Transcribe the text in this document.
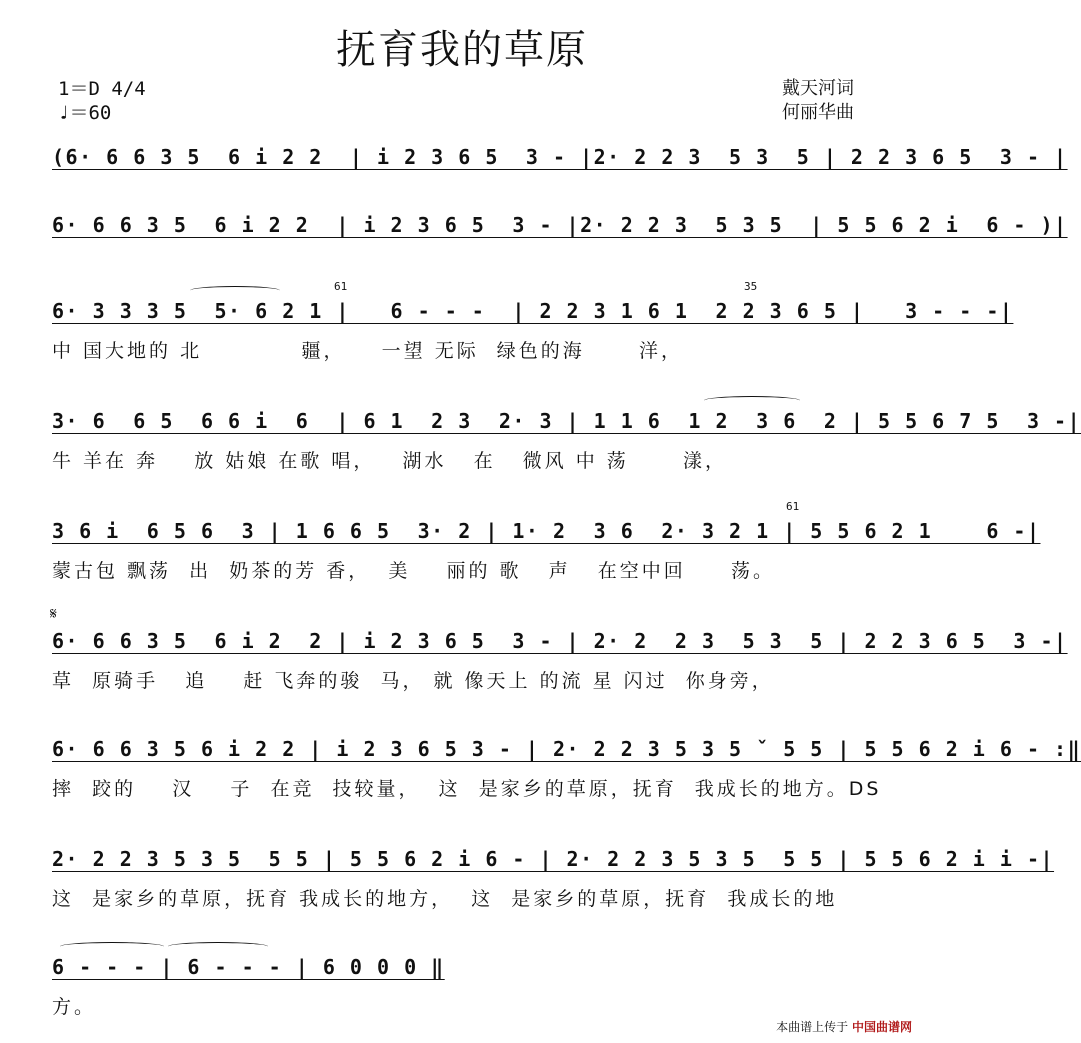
抚育我的草原
1＝D 4/4
♩＝60
戴天河词
何丽华曲
(6· 6 6 3 5  6 i 2 2  | i 2 3 6 5  3 - |2· 2 2 3  5 3  5 | 2 2 3 6 5  3 - |
6· 6 6 3 5  6 i 2 2  | i 2 3 6 5  3 - |2· 2 2 3  5 3 5  | 5 5 6 2 i  6 - )|
61	35
6· 3 3 3 5  5· 6 2 1 |   6 - - -  | 2 2 3 1 6 1  2 2 3 6 5 |   3 - - -|
中 国大地的 北           疆，    一望 无际  绿色的海      洋，
3· 6  6 5  6 6 i  6  | 6 1  2 3  2· 3 | 1 1 6  1 2  3 6  2 | 5 5 6 7 5  3 -|
牛 羊在 奔    放 姑娘 在歌 唱，   湖水   在   微风 中 荡      漾，
61
3 6 i  6 5 6  3 | 1 6 6 5  3· 2 | 1· 2  3 6  2· 3 2 1 | 5 5 6 2 1    6 -|
蒙古包 飘荡  出  奶茶的芳 香，  美    丽的 歌   声   在空中回     荡。
𝄋
6· 6 6 3 5  6 i 2  2 | i 2 3 6 5  3 - | 2· 2  2 3  5 3  5 | 2 2 3 6 5  3 -|
草  原骑手   追    赶 飞奔的骏  马， 就 像天上 的流 星 闪过  你身旁，
6· 6 6 3 5 6 i 2 2 | i 2 3 6 5 3 - | 2· 2 2 3 5 3 5 ˇ 5 5 | 5 5 6 2 i 6 - :‖
摔  跤的    汉    子  在竞  技较量，  这  是家乡的草原，抚育  我成长的地方。DS
2· 2 2 3 5 3 5  5 5 | 5 5 6 2 i 6 - | 2· 2 2 3 5 3 5  5 5 | 5 5 6 2 i i -|
这  是家乡的草原，抚育 我成长的地方，  这  是家乡的草原，抚育  我成长的地
6 - - - | 6 - - - | 6 0 0 0 ‖
方。
本曲谱上传于 中国曲谱网
